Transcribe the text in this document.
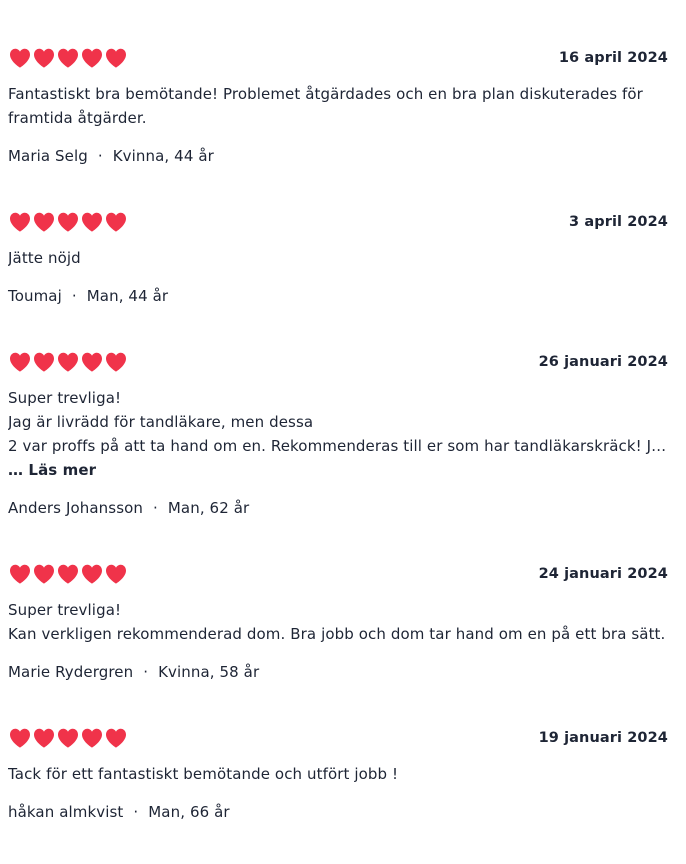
16 april 2024
Fantastiskt bra bemötande! Problemet åtgärdades och en bra plan diskuterades för
framtida åtgärder.
Maria Selg · Kvinna, 44 år
3 april 2024
Jätte nöjd
Toumaj · Man, 44 år
26 januari 2024
Super trevliga!
Jag är livrädd för tandläkare, men dessa
2 var proffs på att ta hand om en. Rekommenderas till er som har tandläkarskräck! J…
… Läs mer
Anders Johansson · Man, 62 år
24 januari 2024
Super trevliga!
Kan verkligen rekommenderad dom. Bra jobb och dom tar hand om en på ett bra sätt.
Marie Rydergren · Kvinna, 58 år
19 januari 2024
Tack för ett fantastiskt bemötande och utfört jobb !
håkan almkvist · Man, 66 år
